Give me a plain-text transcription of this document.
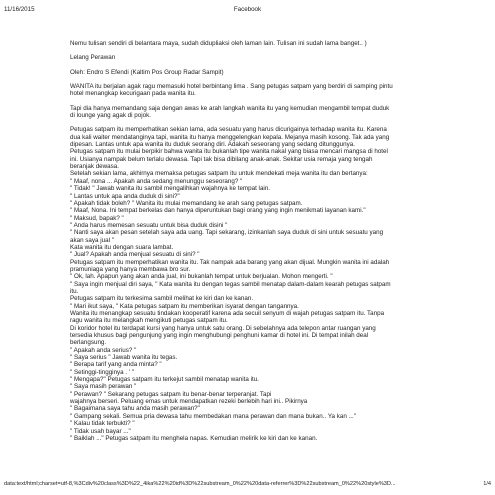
11/16/2015	Facebook

Nemu tulisan sendiri di belantara maya, sudah didupliaksi oleh laman lain. Tulisan ini sudah lama banget.. )

Lelang Perawan

Oleh: Endro S Efendi (Kaltim Pos Group Radar Sampit)

WANITA itu berjalan agak ragu memasuki hotel berbintang lima . Sang petugas satpam yang berdiri di samping pintu

hotel menangkap kecurigaan pada wanita itu.

Tapi dia hanya memandang saja dengan awas ke arah langkah wanita itu yang kemudian mengambil tempat duduk

di lounge yang agak di pojok.

Petugas satpam itu memperhatikan sekian lama, ada sesuatu yang harus dicurigainya terhadap wanita itu. Karena

dua kali waiter mendatanginya tapi, wanita itu hanya menggelengkan kepala. Mejanya masih kosong. Tak ada yang

dipesan. Lantas untuk apa wanita itu duduk seorang diri. Adakah seseorang yang sedang ditunggunya.

Petugas satpam itu mulai berpikir bahwa wanita itu bukanlah tipe wanita nakal yang biasa mencari mangsa di hotel

ini. Usianya nampak belum terlalu dewasa. Tapi tak bisa dibilang anak-anak. Sekitar usia remaja yang tengah

beranjak dewasa.

Setelah sekian lama, akhirnya memaksa petugas satpam itu untuk mendekati meja wanita itu dan bertanya:

" Maaf, nona ... Apakah anda sedang menunggu seseorang? "

" Tidak! " Jawab wanita itu sambil mengalihkan wajahnya ke tempat lain.

" Lantas untuk apa anda duduk di sini?"

" Apakah tidak boleh? " Wanita itu mulai memandang ke arah sang petugas satpam.

" Maaf, Nona. Ini tempat berkelas dan hanya diperuntukan bagi orang yang ingin menikmati layanan kami."

" Maksud, bapak? "

" Anda harus memesan sesuatu untuk bisa duduk disini "

" Nanti saya akan pesan setelah saya ada uang. Tapi sekarang, izinkanlah saya duduk di sini untuk sesuatu yang

akan saya jual "

Kata wanita itu dengan suara lambat.

" Jual? Apakah anda menjual sesuatu di sini? "

Petugas satpam itu memperhatikan wanita itu. Tak nampak ada barang yang akan dijual. Mungkin wanita ini adalah

pramuniaga yang hanya membawa bro sur.

" Ok, lah. Apapun yang akan anda jual, ini bukanlah tempat untuk berjualan. Mohon mengerti. "

" Saya ingin menjual diri saya, " Kata wanita itu dengan tegas sambil menatap dalam-dalam kearah petugas satpam

itu.

Petugas satpam itu terkesima sambil melihat ke kiri dan ke kanan.

" Mari ikut saya, " Kata petugas satpam itu memberikan isyarat dengan tangannya.

Wanita itu menangkap sesuatu tindakan kooperatif karena ada secuil senyum di wajah petugas satpam itu. Tanpa

ragu wanita itu melangkah mengikuti petugas satpam itu.

Di koridor hotel itu terdapat kursi yang hanya untuk satu orang. Di sebelahnya ada telepon antar ruangan yang

tersedia khusus bagi pengunjung yang ingin menghubungi penghuni kamar di hotel ini. Di tempat inilah deal

berlangsung.

" Apakah anda serius? "

" Saya serius " Jawab wanita itu tegas.

" Berapa tarif yang anda minta? "

" Setinggi-tingginya . ' "

" Mengapa?" Petugas satpam itu terkejut sambil menatap wanita itu.

" Saya masih perawan "

" Perawan? " Sekarang petugas satpam itu benar-benar terperanjat. Tapi

wajahnya berseri. Peluang emas untuk mendapatkan rezeki berlebih hari ini.. Pikirnya

" Bagaimana saya tahu anda masih perawan?"

" Gampang sekali. Semua pria dewasa tahu membedakan mana perawan dan mana bukan.. Ya kan ..."

" Kalau tidak terbukti? "

" Tidak usah bayar ..."

" Baiklah ..." Petugas satpam itu menghela napas. Kemudian melirik ke kiri dan ke kanan.

data:text/html;charset=utf-8,%3Cdiv%20class%3D%22_4ika%22%20id%3D%22substream_0%22%20data-referrer%3D%22substream_0%22%20style%3D...	1/4
